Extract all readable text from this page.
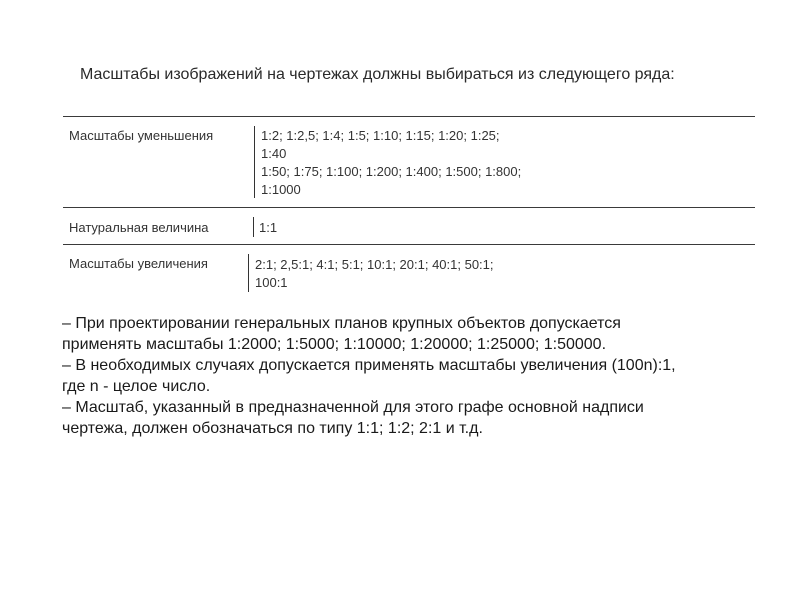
Масштабы изображений на чертежах должны выбираться из следующего ряда:
Масштабы уменьшения	1:2; 1:2,5; 1:4; 1:5; 1:10; 1:15; 1:20; 1:25;
1:40
1:50; 1:75; 1:100; 1:200; 1:400; 1:500; 1:800;
1:1000
Натуральная величина	1:1
Масштабы увеличения	2:1; 2,5:1; 4:1; 5:1; 10:1; 20:1; 40:1; 50:1;
100:1
– При проектировании генеральных планов крупных объектов допускается
применять масштабы 1:2000; 1:5000; 1:10000; 1:20000; 1:25000; 1:50000.
– В необходимых случаях допускается применять масштабы увеличения (100n):1,
где n - целое число.
– Масштаб, указанный в предназначенной для этого графе основной надписи
чертежа, должен обозначаться по типу 1:1; 1:2; 2:1 и т.д.
